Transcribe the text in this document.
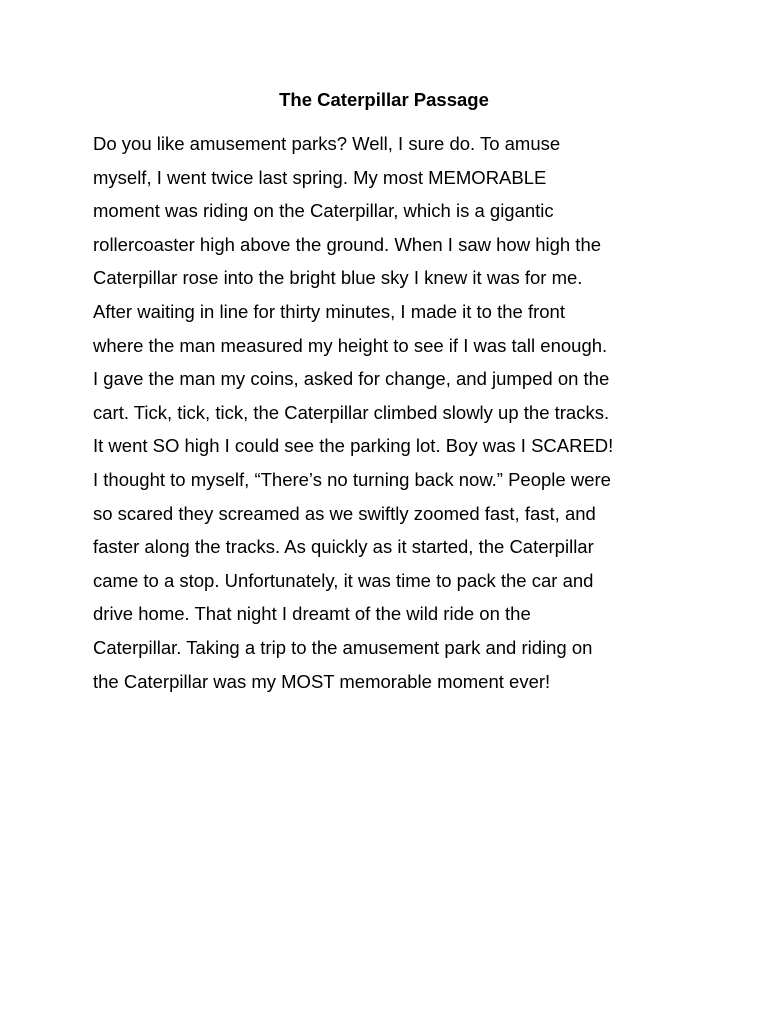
The Caterpillar Passage
Do you like amusement parks? Well, I sure do. To amuse
myself, I went twice last spring. My most MEMORABLE
moment was riding on the Caterpillar, which is a gigantic
rollercoaster high above the ground. When I saw how high the
Caterpillar rose into the bright blue sky I knew it was for me.
After waiting in line for thirty minutes, I made it to the front
where the man measured my height to see if I was tall enough.
I gave the man my coins, asked for change, and jumped on the
cart. Tick, tick, tick, the Caterpillar climbed slowly up the tracks.
It went SO high I could see the parking lot. Boy was I SCARED!
I thought to myself, “There’s no turning back now.” People were
so scared they screamed as we swiftly zoomed fast, fast, and
faster along the tracks. As quickly as it started, the Caterpillar
came to a stop. Unfortunately, it was time to pack the car and
drive home. That night I dreamt of the wild ride on the
Caterpillar. Taking a trip to the amusement park and riding on
the Caterpillar was my MOST memorable moment ever!
